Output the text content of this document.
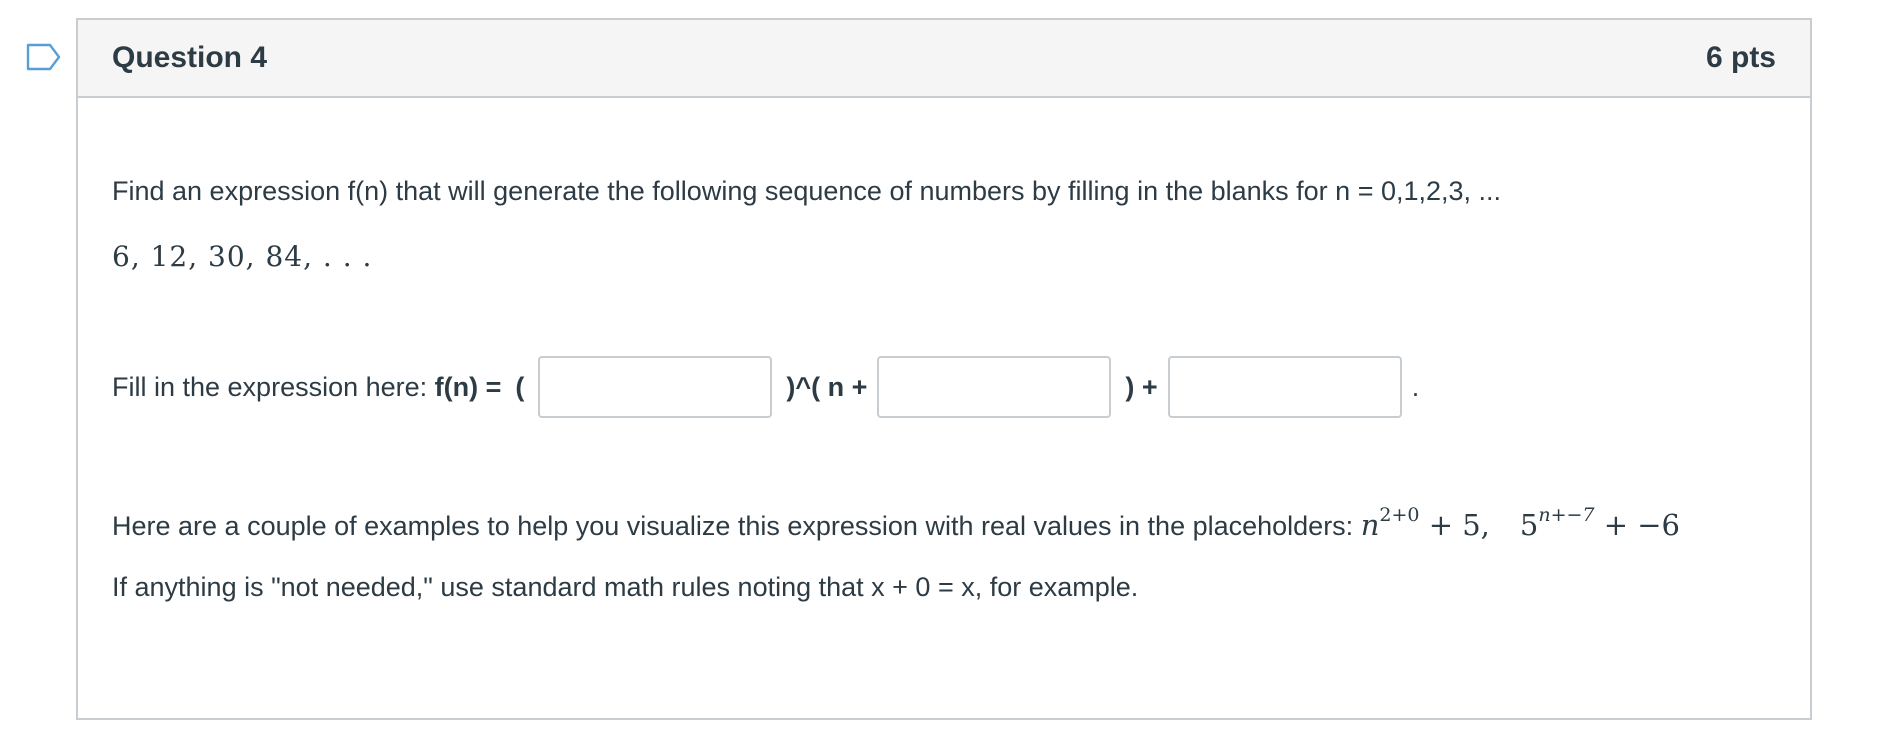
Question 4	6 pts
Find an expression f(n) that will generate the following sequence of numbers by filling in the blanks for n = 0,1,2,3, ...
6, 12, 30, 84, . . .
Fill in the expression here: f(n) = (	)^( n +	) +	.
Here are a couple of examples to help you visualize this expression with real values in the placeholders: $n^{2+0} + 5$, $5^{n+-7} + -6$
If anything is "not needed," use standard math rules noting that x + 0 = x, for example.
